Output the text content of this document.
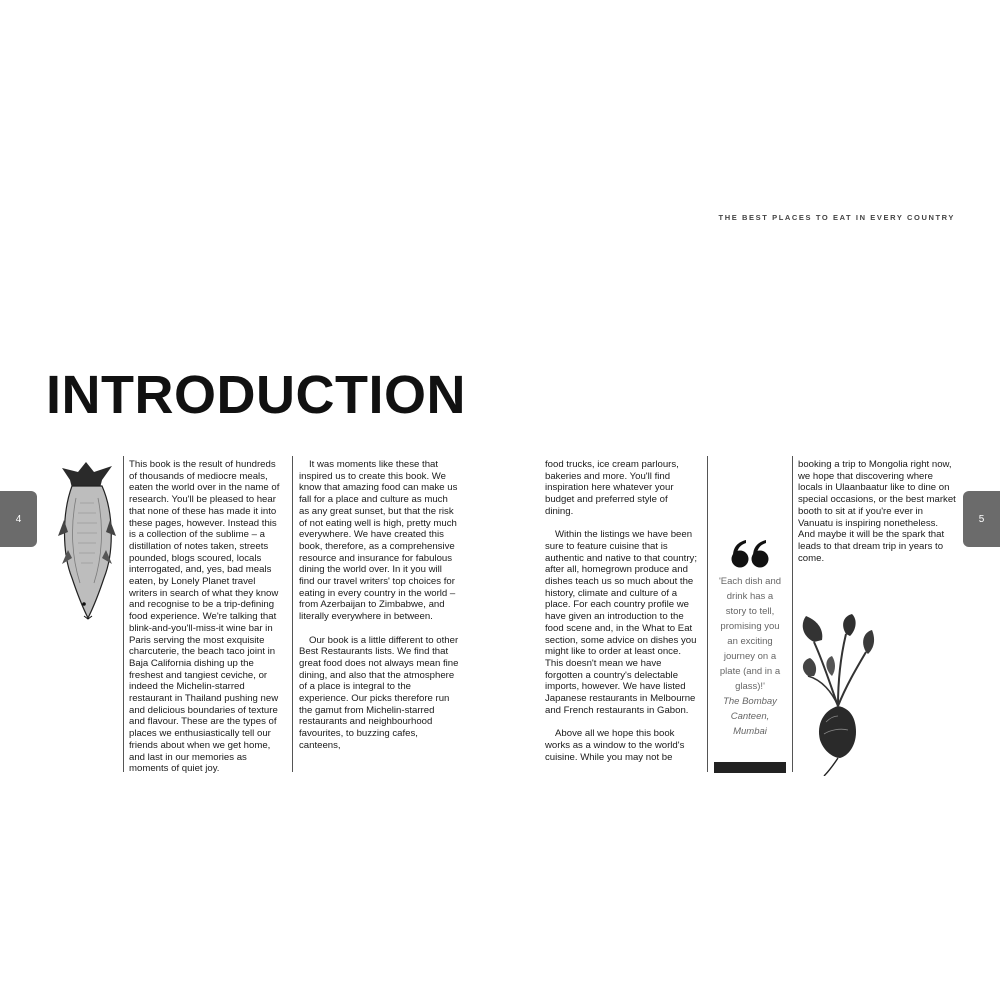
THE BEST PLACES TO EAT IN EVERY COUNTRY
INTRODUCTION
4	5

This book is the result of hundreds of thousands of mediocre meals, eaten the world over in the name of research. You'll be pleased to hear that none of these has made it into these pages, however. Instead this is a collection of the sublime – a distillation of notes taken, streets pounded, blogs scoured, locals interrogated, and, yes, bad meals eaten, by Lonely Planet travel writers in search of what they know and recognise to be a trip-defining food experience. We're talking that blink-and-you'll-miss-it wine bar in Paris serving the most exquisite charcuterie, the beach taco joint in Baja California dishing up the freshest and tangiest ceviche, or indeed the Michelin-starred restaurant in Thailand pushing new and delicious boundaries of texture and flavour. These are the types of places we enthusiastically tell our friends about when we get home, and last in our memories as moments of quiet joy.

It was moments like these that inspired us to create this book. We know that amazing food can make us fall for a place and culture as much as any great sunset, but that the risk of not eating well is high, pretty much everywhere. We have created this book, therefore, as a comprehensive resource and insurance for fabulous dining the world over. In it you will find our travel writers' top choices for eating in every country in the world – from Azerbaijan to Zimbabwe, and literally everywhere in between.

Our book is a little different to other Best Restaurants lists. We find that great food does not always mean fine dining, and also that the atmosphere of a place is integral to the experience. Our picks therefore run the gamut from Michelin-starred restaurants and neighbourhood favourites, to buzzing cafes, canteens,

food trucks, ice cream parlours, bakeries and more. You'll find inspiration here whatever your budget and preferred style of dining.

Within the listings we have been sure to feature cuisine that is authentic and native to that country; after all, homegrown produce and dishes teach us so much about the history, climate and culture of a place. For each country profile we have given an introduction to the food scene and, in the What to Eat section, some advice on dishes you might like to order at least once. This doesn't mean we have forgotten a country's delectable imports, however. We have listed Japanese restaurants in Melbourne and French restaurants in Gabon.

Above all we hope this book works as a window to the world's cuisine. While you may not be

'Each dish and drink has a story to tell, promising you an exciting journey on a plate (and in a glass)!'
The Bombay Canteen,
Mumbai

booking a trip to Mongolia right now, we hope that discovering where locals in Ulaanbaatur like to dine on special occasions, or the best market booth to sit at if you're ever in Vanuatu is inspiring nonetheless. And maybe it will be the spark that leads to that dream trip in years to come.
